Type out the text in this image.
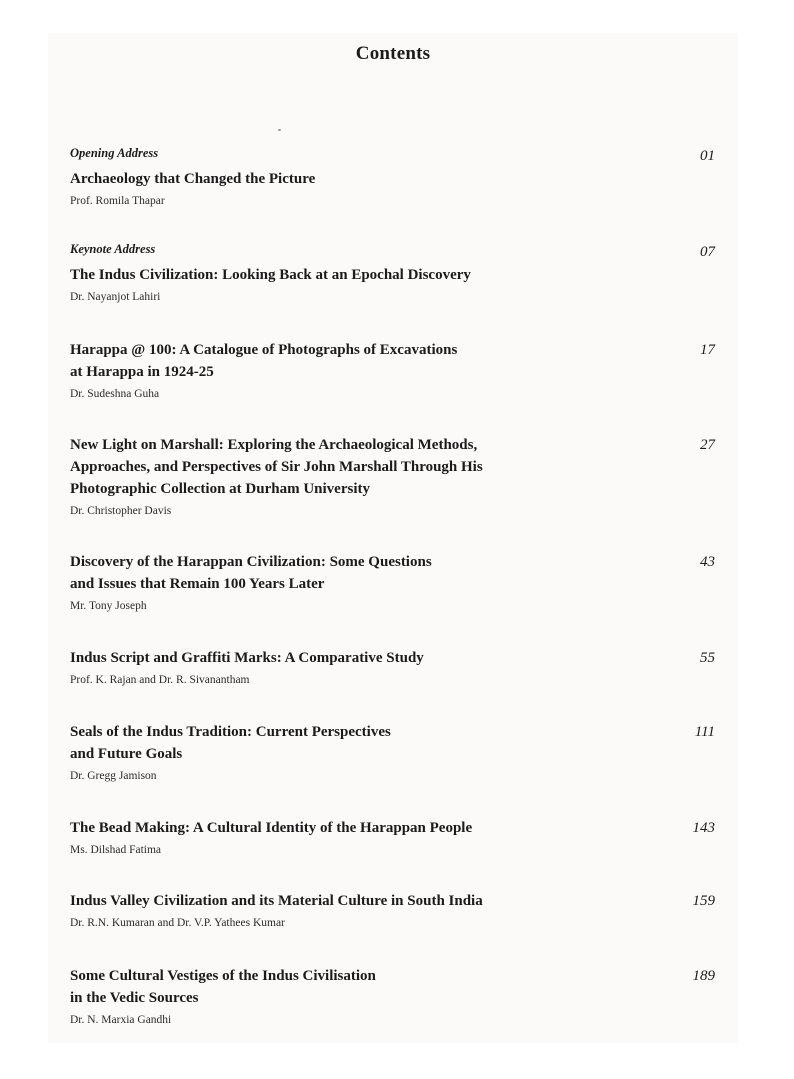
Contents
Opening Address
Archaeology that Changed the Picture
Prof. Romila Thapar
01
Keynote Address
The Indus Civilization: Looking Back at an Epochal Discovery
Dr. Nayanjot Lahiri
07
Harappa @ 100: A Catalogue of Photographs of Excavations
at Harappa in 1924-25
Dr. Sudeshna Guha
17
New Light on Marshall: Exploring the Archaeological Methods,
Approaches, and Perspectives of Sir John Marshall Through His
Photographic Collection at Durham University
Dr. Christopher Davis
27
Discovery of the Harappan Civilization: Some Questions
and Issues that Remain 100 Years Later
Mr. Tony Joseph
43
Indus Script and Graffiti Marks: A Comparative Study
Prof. K. Rajan and Dr. R. Sivanantham
55
Seals of the Indus Tradition: Current Perspectives
and Future Goals
Dr. Gregg Jamison
111
The Bead Making: A Cultural Identity of the Harappan People
Ms. Dilshad Fatima
143
Indus Valley Civilization and its Material Culture in South India
Dr. R.N. Kumaran and Dr. V.P. Yathees Kumar
159
Some Cultural Vestiges of the Indus Civilisation
in the Vedic Sources
Dr. N. Marxia Gandhi
189
